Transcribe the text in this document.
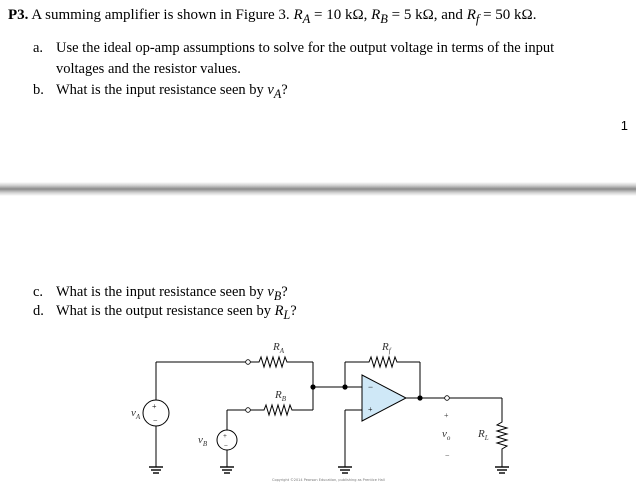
P3. A summing amplifier is shown in Figure 3. $R_A = 10$ kΩ, $R_B = 5$ kΩ, and $R_f = 50$ kΩ.
a. Use the ideal op-amp assumptions to solve for the output voltage in terms of the input
voltages and the resistor values.
b. What is the input resistance seen by $v_A$?
1
c. What is the input resistance seen by $v_B$?
d. What is the output resistance seen by $R_L$?
−
+
+
−
+
−
$R_A$
$R_B$
$R_f$
$v_A$
$v_B$
$v_o$	$R_L$
+
−
Copyright ©2014 Pearson Education, publishing as Prentice Hall
